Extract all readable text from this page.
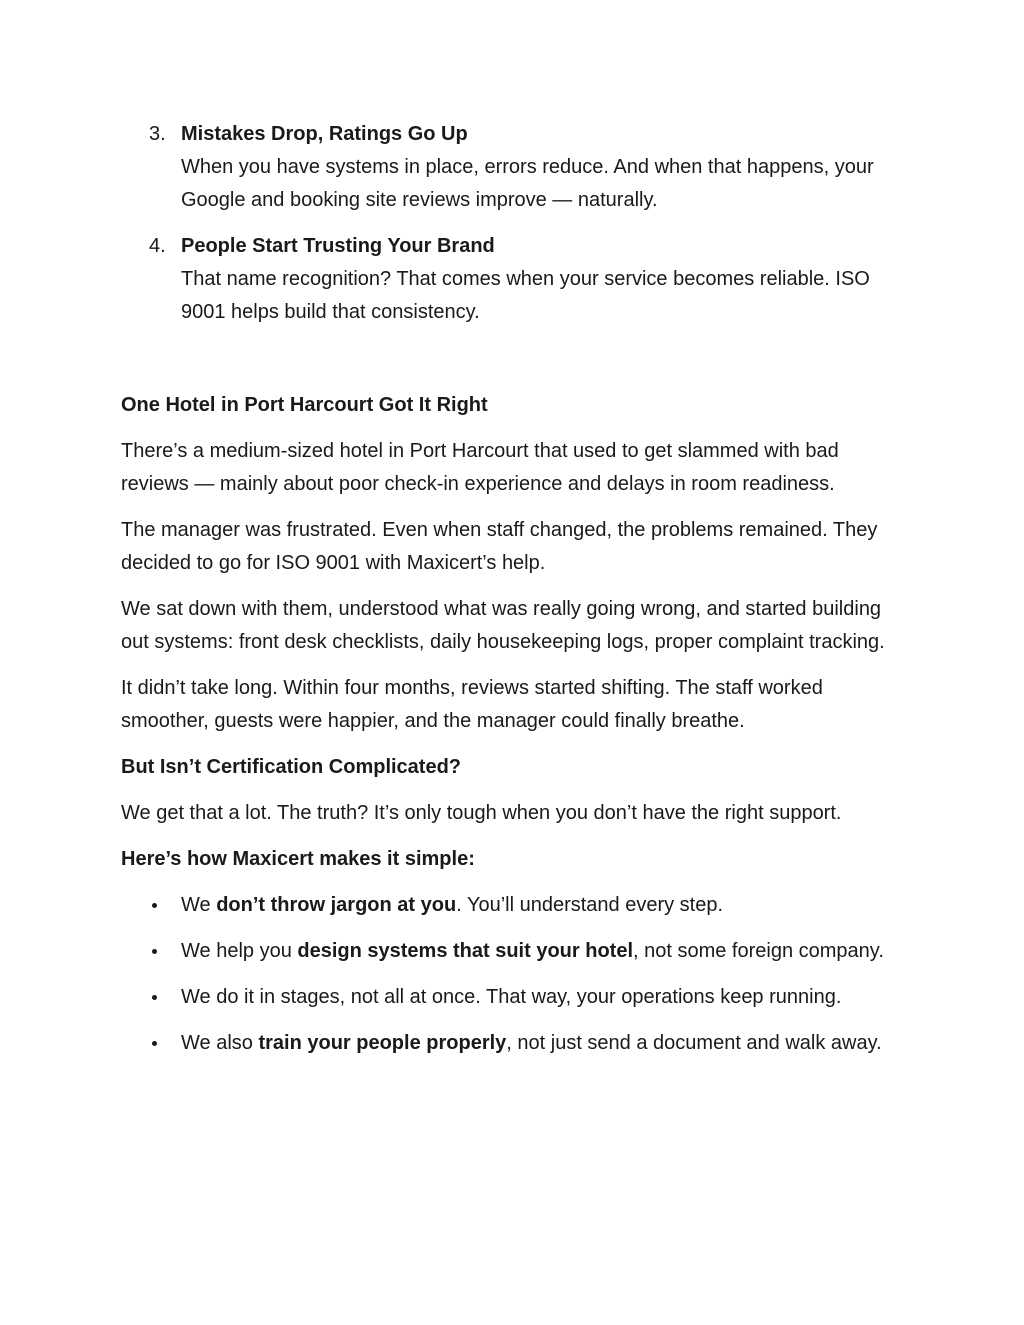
3. Mistakes Drop, Ratings Go Up
When you have systems in place, errors reduce. And when that happens, your Google and booking site reviews improve — naturally.
4. People Start Trusting Your Brand
That name recognition? That comes when your service becomes reliable. ISO 9001 helps build that consistency.
One Hotel in Port Harcourt Got It Right

There’s a medium-sized hotel in Port Harcourt that used to get slammed with bad reviews — mainly about poor check-in experience and delays in room readiness.

The manager was frustrated. Even when staff changed, the problems remained. They decided to go for ISO 9001 with Maxicert’s help.

We sat down with them, understood what was really going wrong, and started building out systems: front desk checklists, daily housekeeping logs, proper complaint tracking.

It didn’t take long. Within four months, reviews started shifting. The staff worked smoother, guests were happier, and the manager could finally breathe.

But Isn’t Certification Complicated?

We get that a lot. The truth? It’s only tough when you don’t have the right support.

Here’s how Maxicert makes it simple:
We don’t throw jargon at you. You’ll understand every step.
We help you design systems that suit your hotel, not some foreign company.
We do it in stages, not all at once. That way, your operations keep running.
We also train your people properly, not just send a document and walk away.
